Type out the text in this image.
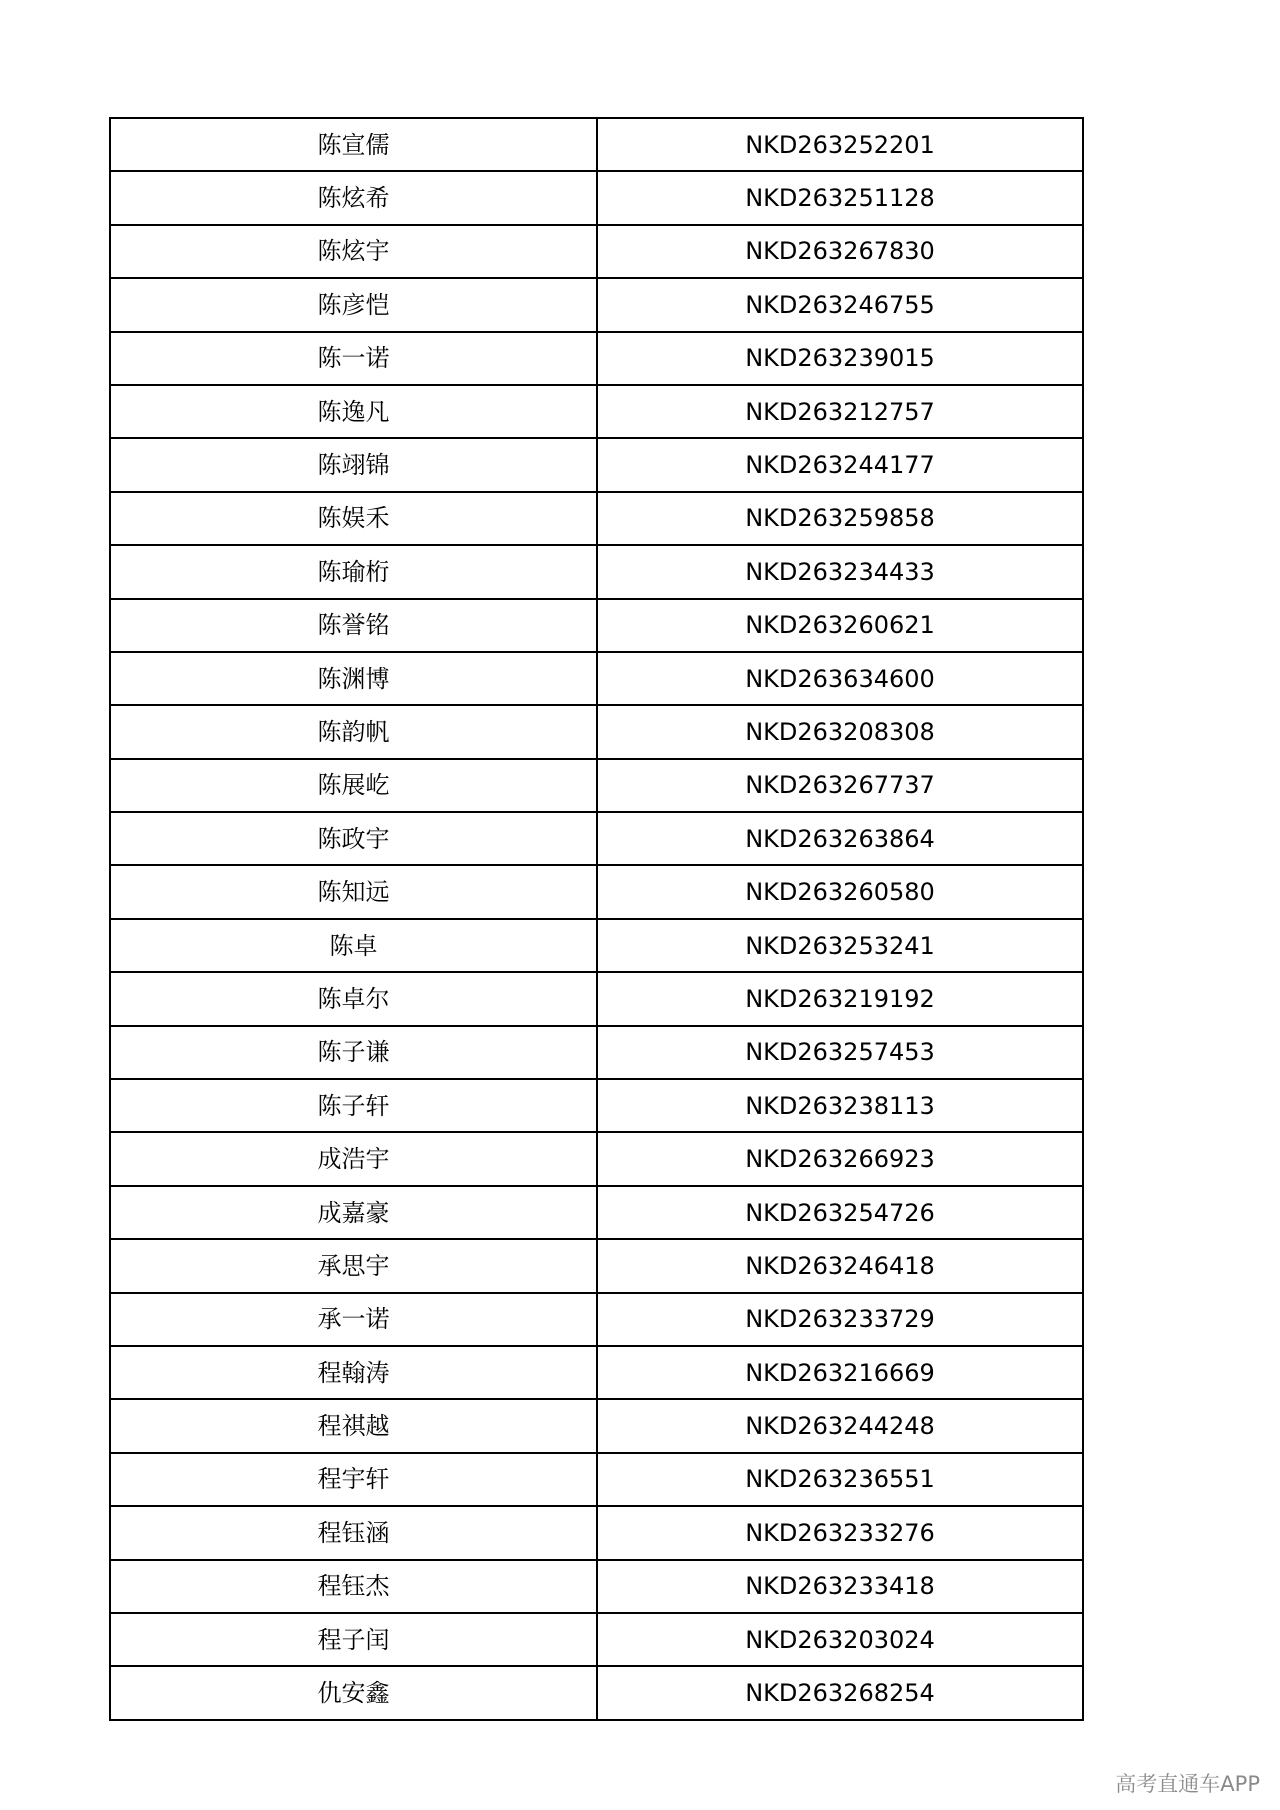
陈宣儒	NKD263252201
陈炫希	NKD263251128
陈炫宇	NKD263267830
陈彦恺	NKD263246755
陈一诺	NKD263239015
陈逸凡	NKD263212757
陈翊锦	NKD263244177
陈娱禾	NKD263259858
陈瑜桁	NKD263234433
陈誉铭	NKD263260621
陈渊博	NKD263634600
陈韵帆	NKD263208308
陈展屹	NKD263267737
陈政宇	NKD263263864
陈知远	NKD263260580
陈卓	NKD263253241
陈卓尔	NKD263219192
陈子谦	NKD263257453
陈子轩	NKD263238113
成浩宇	NKD263266923
成嘉豪	NKD263254726
承思宇	NKD263246418
承一诺	NKD263233729
程翰涛	NKD263216669
程祺越	NKD263244248
程宇轩	NKD263236551
程钰涵	NKD263233276
程钰杰	NKD263233418
程子闰	NKD263203024
仇安鑫	NKD263268254
高考直通车APP
